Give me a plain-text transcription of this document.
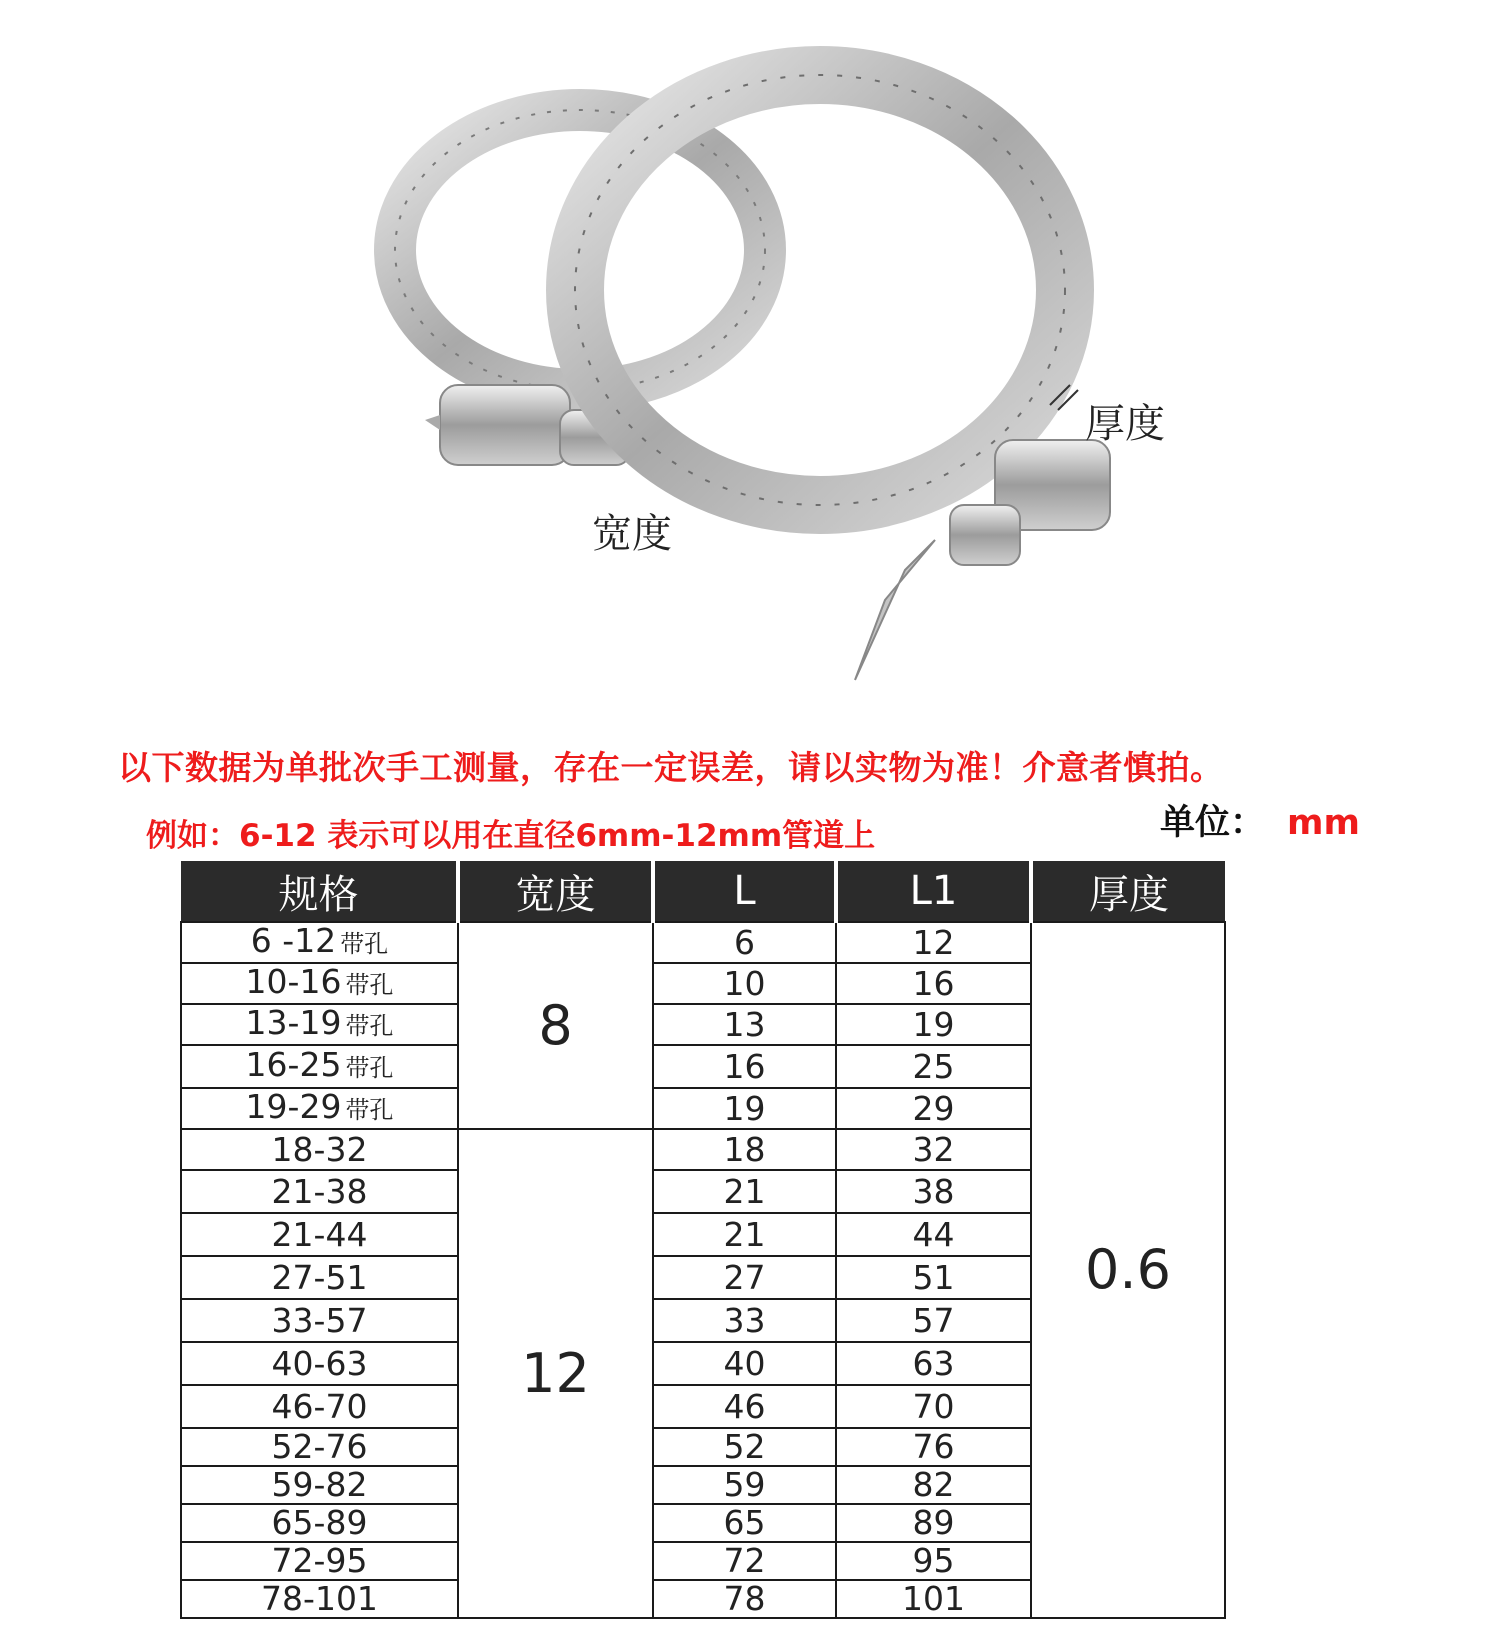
厚度
宽度
以下数据为单批次手工测量，存在一定误差，请以实物为准！介意者慎拍。
例如：6-12 表示可以用在直径6mm-12mm管道上	单位： mm
规格	宽度	L	L1	厚度
6 -12 带孔	8	6	12	0.6
10-16 带孔		10	16	
13-19 带孔		13	19	
16-25 带孔		16	25	
19-29 带孔		19	29	
18-32	12	18	32	
21-38		21	38	
21-44		21	44	
27-51		27	51	
33-57		33	57	
40-63		40	63	
46-70		46	70	
52-76		52	76	
59-82		59	82	
65-89		65	89	
72-95		72	95	
78-101		78	101	
